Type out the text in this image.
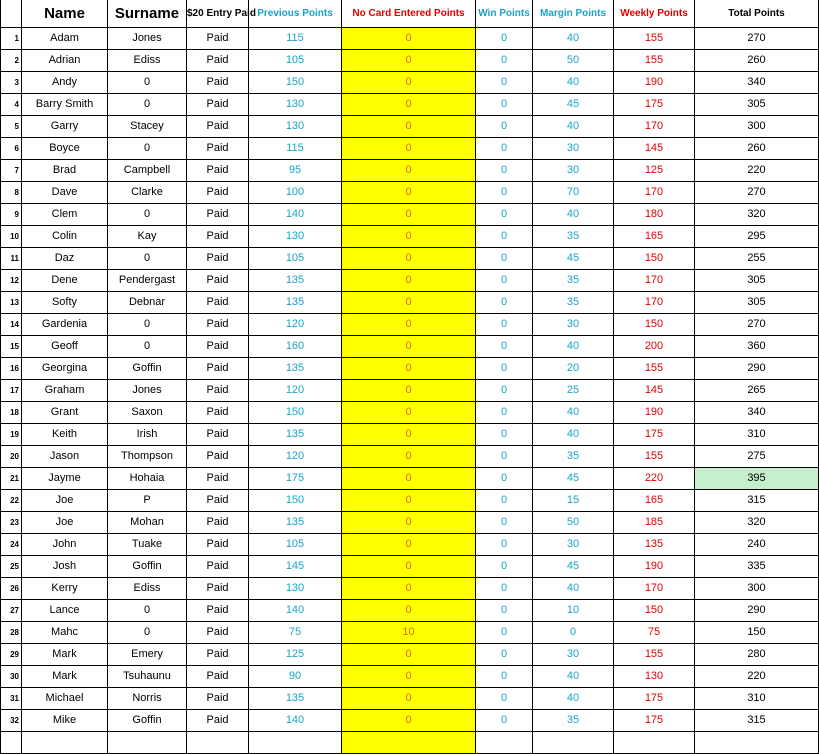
	Name	Surname	$20 Entry Paid	Previous Points	No Card Entered Points	Win Points	Margin Points	Weekly Points	Total Points
1	Adam	Jones	Paid	115	0	0	40	155	270
2	Adrian	Ediss	Paid	105	0	0	50	155	260
3	Andy	0	Paid	150	0	0	40	190	340
4	Barry Smith	0	Paid	130	0	0	45	175	305
5	Garry	Stacey	Paid	130	0	0	40	170	300
6	Boyce	0	Paid	115	0	0	30	145	260
7	Brad	Campbell	Paid	95	0	0	30	125	220
8	Dave	Clarke	Paid	100	0	0	70	170	270
9	Clem	0	Paid	140	0	0	40	180	320
10	Colin	Kay	Paid	130	0	0	35	165	295
11	Daz	0	Paid	105	0	0	45	150	255
12	Dene	Pendergast	Paid	135	0	0	35	170	305
13	Softy	Debnar	Paid	135	0	0	35	170	305
14	Gardenia	0	Paid	120	0	0	30	150	270
15	Geoff	0	Paid	160	0	0	40	200	360
16	Georgina	Goffin	Paid	135	0	0	20	155	290
17	Graham	Jones	Paid	120	0	0	25	145	265
18	Grant	Saxon	Paid	150	0	0	40	190	340
19	Keith	Irish	Paid	135	0	0	40	175	310
20	Jason	Thompson	Paid	120	0	0	35	155	275
21	Jayme	Hohaia	Paid	175	0	0	45	220	395
22	Joe	P	Paid	150	0	0	15	165	315
23	Joe	Mohan	Paid	135	0	0	50	185	320
24	John	Tuake	Paid	105	0	0	30	135	240
25	Josh	Goffin	Paid	145	0	0	45	190	335
26	Kerry	Ediss	Paid	130	0	0	40	170	300
27	Lance	0	Paid	140	0	0	10	150	290
28	Mahc	0	Paid	75	10	0	0	75	150
29	Mark	Emery	Paid	125	0	0	30	155	280
30	Mark	Tsuhaunu	Paid	90	0	0	40	130	220
31	Michael	Norris	Paid	135	0	0	40	175	310
32	Mike	Goffin	Paid	140	0	0	35	175	315
